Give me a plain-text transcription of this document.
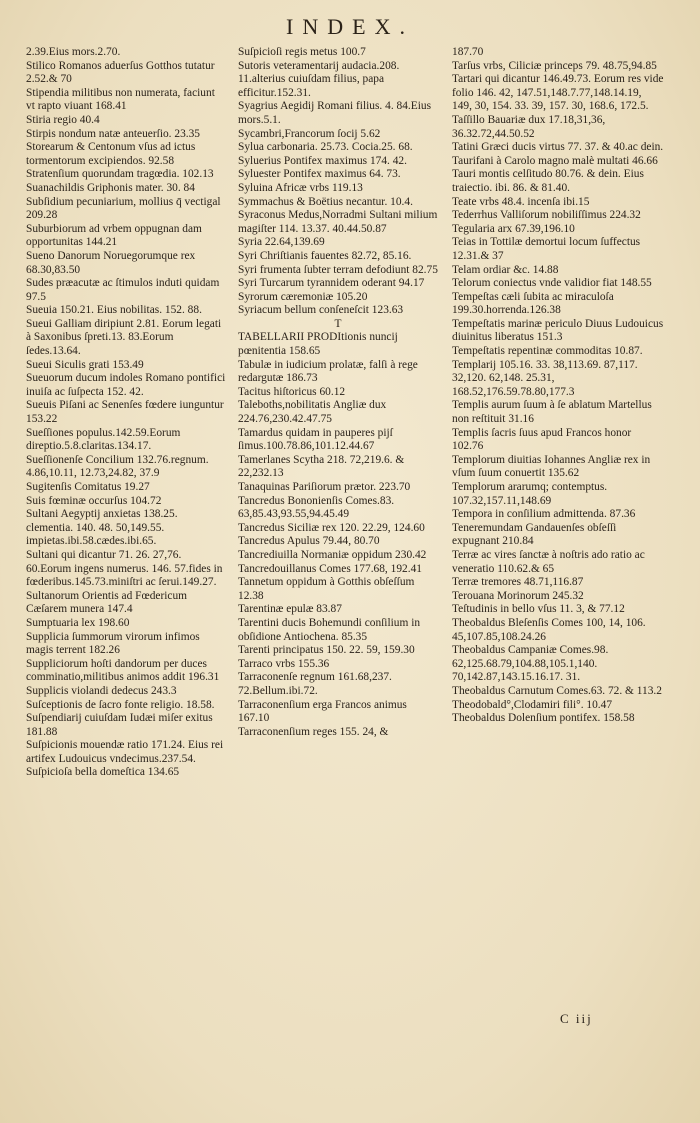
INDEX.

2.39.Eius mors.2.70.

Stilico Romanos aduerſus Gotthos tutatur 2.52.& 70

Stipendia militibus non numerata, faciunt vt rapto viuant 168.41

Stiria regio 40.4

Stirpis nondum natæ anteuerſio. 23.35

Storearum & Centonum vſus ad ictus tormentorum excipiendos. 92.58

Stratenſium quorundam tragœdia. 102.13

Suanachildis Griphonis mater. 30. 84

Subſidium pecuniarium, mollius q̄ vectigal 209.28

Suburbiorum ad vrbem oppugnan dam opportunitas 144.21

Sueno Danorum Noruegorumque rex 68.30,83.50

Sudes præacutæ ac ſtimulos induti quidam 97.5

Sueuia 150.21. Eius nobilitas. 152. 88.

Sueui Galliam diripiunt 2.81. Eorum legati à Saxonibus ſpreti.13. 83.Eorum ſedes.13.64.

Sueui Siculis grati 153.49

Sueuorum ducum indoles Romano pontifici inuiſa ac ſuſpecta 152. 42.

Sueuis Piſani ac Senenſes fœdere iunguntur 153.22

Sueſſiones populus.142.59.Eorum direptio.5.8.claritas.134.17.

Sueſſionenſe Concilium 132.76.regnum. 4.86,10.11, 12.73,24.82, 37.9

Sugitenſis Comitatus 19.27

Suis fœminæ occurſus 104.72

Sultani Aegyptij anxietas 138.25. clementia. 140. 48. 50,149.55. impietas.ibi.58.cædes.ibi.65.

Sultani qui dicantur 71. 26. 27,76. 60.Eorum ingens numerus. 146. 57.fides in fœderibus.145.73.miniſtri ac ſerui.149.27.

Sultanorum Orientis ad Fœdericum Cæſarem munera 147.4

Sumptuaria lex 198.60

Supplicia ſummorum virorum infimos magis terrent 182.26

Suppliciorum hoſti dandorum per duces comminatio,militibus animos addit 196.31

Supplicis violandi dedecus 243.3

Suſceptionis de ſacro fonte religio. 18.58.

Suſpendiarij cuiuſdam Iudæi miſer exitus 181.88

Suſpicionis mouendæ ratio 171.24. Eius rei artifex Ludouicus vndecimus.237.54.

Suſpicioſa bella domeſtica 134.65

Suſpicioſi regis metus 100.7

Sutoris veteramentarij audacia.208. 11.alterius cuiuſdam filius, papa efficitur.152.31.

Syagrius Aegidij Romani filius. 4. 84.Eius mors.5.1.

Sycambri,Francorum ſocij 5.62

Sylua carbonaria. 25.73. Cocia.25. 68.

Syluerius Pontifex maximus 174. 42.

Syluester Pontifex maximus 64. 73.

Syluina Africæ vrbs 119.13

Symmachus & Boëtius necantur. 10.4.

Syraconus Medus,Norradmi Sultani milium magiſter 114. 13.37. 40.44.50.87

Syria 22.64,139.69

Syri Chriſtianis fauentes 82.72, 85.16.

Syri frumenta ſubter terram defodiunt 82.75

Syri Turcarum tyrannidem oderant 94.17

Syrorum cæremoniæ 105.20

Syriacum bellum conſeneſcit 123.63

T

TABELLARII PRODItionis nuncij pœnitentia 158.65

Tabulæ in iudicium prolatæ, falſi à rege redargutæ 186.73

Tacitus hiſtoricus 60.12

Taleboths,nobilitatis Angliæ dux 224.76,230.42.47.75

Tamardus quidam in pauperes pijſ ſimus.100.78.86,101.12.44.67

Tamerlanes Scytha 218. 72,219.6. & 22,232.13

Tanaquinas Pariſiorum prætor. 223.70

Tancredus Bononienſis Comes.83. 63,85.43,93.55,94.45.49

Tancredus Siciliæ rex 120. 22.29, 124.60

Tancredus Apulus 79.44, 80.70

Tancrediuilla Normaniæ oppidum 230.42

Tancredouillanus Comes 177.68, 192.41

Tannetum oppidum à Gotthis obſeſſum 12.38

Tarentinæ epulæ 83.87

Tarentini ducis Bohemundi conſilium in obſidione Antiochena. 85.35

Tarenti principatus 150. 22. 59, 159.30

Tarraco vrbs 155.36

Tarraconenſe regnum 161.68,237. 72.Bellum.ibi.72.

Tarraconenſium erga Francos animus 167.10

Tarraconenſium reges 155. 24, &

187.70

Tarſus vrbs, Ciliciæ princeps 79. 48.75,94.85

Tartari qui dicantur 146.49.73. Eorum res vide folio 146. 42, 147.51,148.7.77,148.14.19, 149, 30, 154. 33. 39, 157. 30, 168.6, 172.5.

Taſſillo Bauariæ dux 17.18,31,36, 36.32.72,44.50.52

Tatini Græci ducis virtus 77. 37. & 40.ac dein.

Taurifani à Carolo magno malè multati 46.66

Tauri montis celſitudo 80.76. & dein. Eius traiectio. ibi. 86. & 81.40.

Teate vrbs 48.4. incenſa ibi.15

Tederrhus Valliſorum nobiliſſimus 224.32

Tegularia arx 67.39,196.10

Teias in Tottilæ demortui locum ſuffectus 12.31.& 37

Telam ordiar &c. 14.88

Telorum coniectus vnde validior fiat 148.55

Tempeſtas cæli ſubita ac miraculoſa 199.30.horrenda.126.38

Tempeſtatis marinæ periculo Diuus Ludouicus diuinitus liberatus 151.3

Tempeſtatis repentinæ commoditas 10.87.

Templarij 105.16. 33. 38,113.69. 87,117. 32,120. 62,148. 25.31, 168.52,176.59.78.80,177.3

Templis aurum ſuum à ſe ablatum Martellus non reſtituit 31.16

Templis ſacris ſuus apud Francos honor 102.76

Templorum diuitias Iohannes Angliæ rex in vſum ſuum conuertit 135.62

Templorum ararumq; contemptus. 107.32,157.11,148.69

Tempora in conſilium admittenda. 87.36

Teneremundam Gandauenſes obſeſſi expugnant 210.84

Terræ ac vires ſanctæ à noſtris ado ratio ac veneratio 110.62.& 65

Terræ tremores 48.71,116.87

Terouana Morinorum 245.32

Teſtudinis in bello vſus 11. 3, & 77.12

Theobaldus Bleſenſis Comes 100, 14, 106. 45,107.85,108.24.26

Theobaldus Campaniæ Comes.98. 62,125.68.79,104.88,105.1,140. 70,142.87,143.15.16.17. 31.

Theobaldus Carnutum Comes.63. 72. & 113.2

Theodobald°,Clodamiri fili°. 10.47

Theobaldus Dolenſium pontifex. 158.58

C iij
